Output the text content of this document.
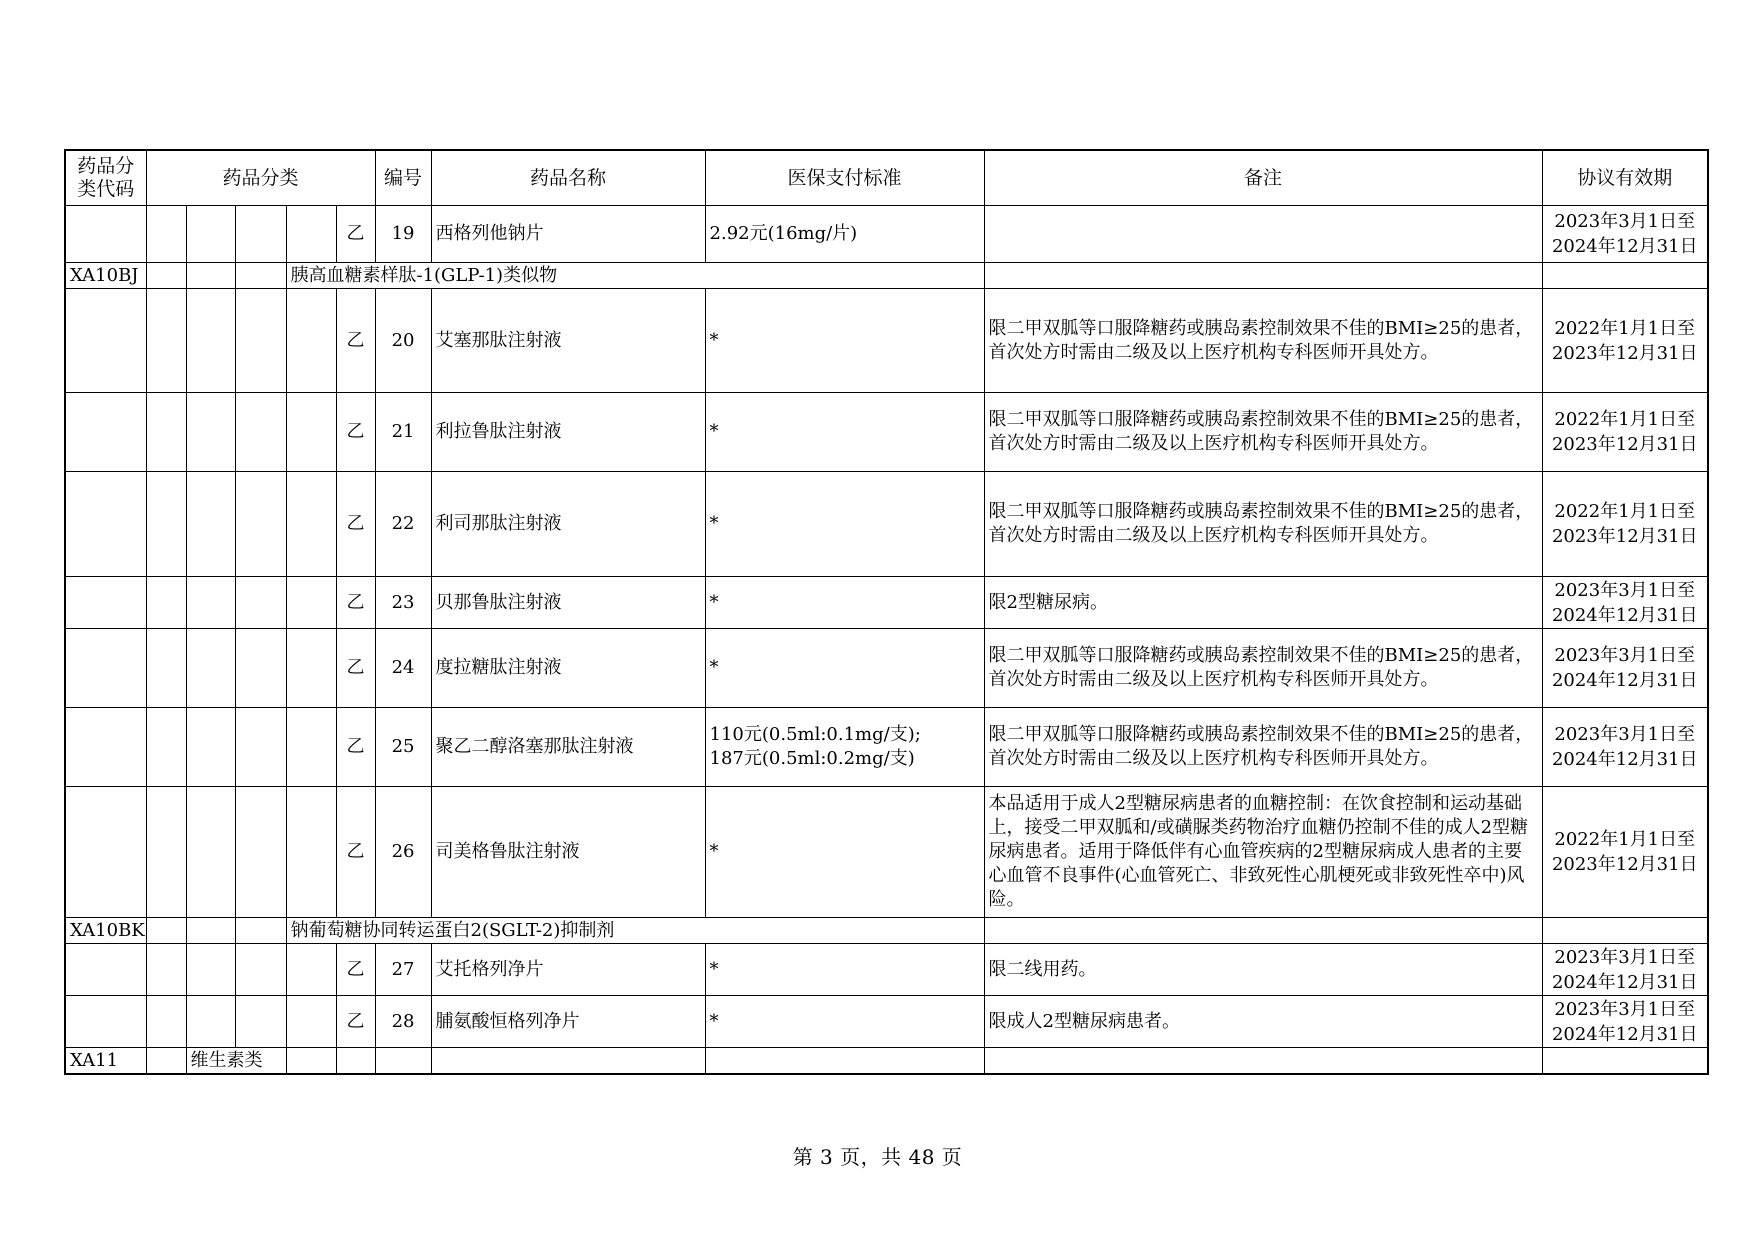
药品分
类代码	药品分类					编号	药品名称	医保支付标准	备注	协议有效期
					乙	19	西格列他钠片	2.92元(16mg/片)		2023年3月1日至
2024年12月31日

XA10BJ				胰高血糖素样肽-1(GLP-1)类似物						
					乙	20	艾塞那肽注射液	*	限二甲双胍等口服降糖药或胰岛素控制效果不佳的BMI≥25的患者，首次处方时需由二级及以上医疗机构专科医师开具处方。	2022年1月1日至
2023年12月31日

					乙	21	利拉鲁肽注射液	*	限二甲双胍等口服降糖药或胰岛素控制效果不佳的BMI≥25的患者，首次处方时需由二级及以上医疗机构专科医师开具处方。	2022年1月1日至
2023年12月31日

					乙	22	利司那肽注射液	*	限二甲双胍等口服降糖药或胰岛素控制效果不佳的BMI≥25的患者，首次处方时需由二级及以上医疗机构专科医师开具处方。	2022年1月1日至
2023年12月31日

					乙	23	贝那鲁肽注射液	*	限2型糖尿病。	2023年3月1日至
2024年12月31日

					乙	24	度拉糖肽注射液	*	限二甲双胍等口服降糖药或胰岛素控制效果不佳的BMI≥25的患者，首次处方时需由二级及以上医疗机构专科医师开具处方。	2023年3月1日至
2024年12月31日

					乙	25	聚乙二醇洛塞那肽注射液	110元(0.5ml:0.1mg/支);
187元(0.5ml:0.2mg/支)	限二甲双胍等口服降糖药或胰岛素控制效果不佳的BMI≥25的患者，首次处方时需由二级及以上医疗机构专科医师开具处方。	2023年3月1日至
2024年12月31日

					乙	26	司美格鲁肽注射液	*	本品适用于成人2型糖尿病患者的血糖控制：在饮食控制和运动基础上，接受二甲双胍和/或磺脲类药物治疗血糖仍控制不佳的成人2型糖尿病患者。适用于降低伴有心血管疾病的2型糖尿病成人患者的主要心血管不良事件(心血管死亡、非致死性心肌梗死或非致死性卒中)风险。	2022年1月1日至
2023年12月31日

XA10BK				钠葡萄糖协同转运蛋白2(SGLT-2)抑制剂						
					乙	27	艾托格列净片	*	限二线用药。	2023年3月1日至
2024年12月31日

					乙	28	脯氨酸恒格列净片	*	限成人2型糖尿病患者。	2023年3月1日至
2024年12月31日

XA11		维生素类								
第 3 页，共 48 页
